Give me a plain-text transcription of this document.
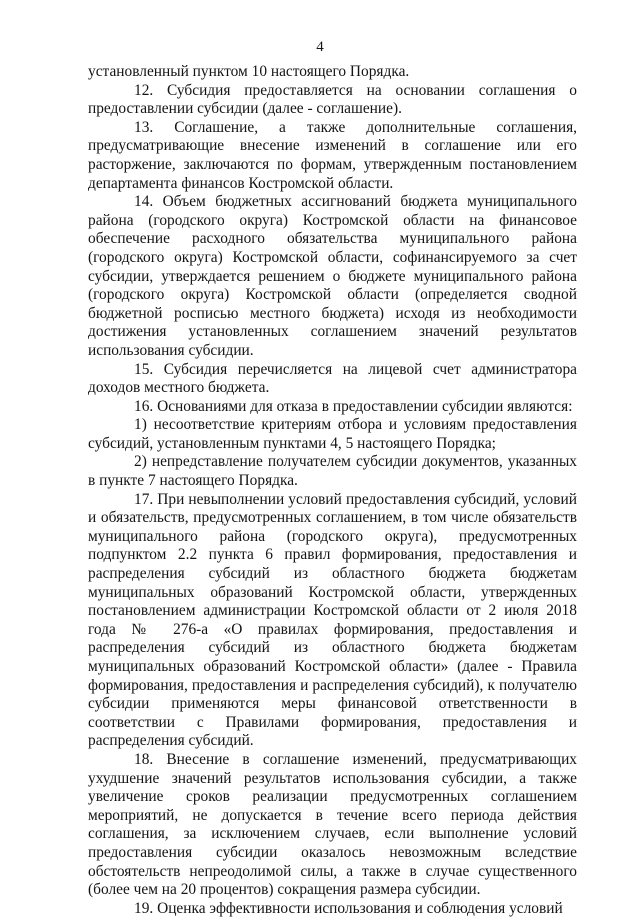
4

установленный пунктом 10 настоящего Порядка.

12. Субсидия предоставляется на основании соглашения о предоставлении субсидии (далее - соглашение).

13. Соглашение, а также дополнительные соглашения, предусматривающие внесение изменений в соглашение или его расторжение, заключаются по формам, утвержденным постановлением департамента финансов Костромской области.

14. Объем бюджетных ассигнований бюджета муниципального района (городского округа) Костромской области на финансовое обеспечение расходного обязательства муниципального района (городского округа) Костромской области, софинансируемого за счет субсидии, утверждается решением о бюджете муниципального района (городского округа) Костромской области (определяется сводной бюджетной росписью местного бюджета) исходя из необходимости достижения установленных соглашением значений результатов использования субсидии.

15. Субсидия перечисляется на лицевой счет администратора доходов местного бюджета.

16. Основаниями для отказа в предоставлении субсидии являются:

1) несоответствие критериям отбора и условиям предоставления субсидий, установленным пунктами 4, 5 настоящего Порядка;

2) непредставление получателем субсидии документов, указанных в пункте 7 настоящего Порядка.

17. При невыполнении условий предоставления субсидий, условий и обязательств, предусмотренных соглашением, в том числе обязательств муниципального района (городского округа), предусмотренных подпунктом 2.2 пункта 6 правил формирования, предоставления и распределения субсидий из областного бюджета бюджетам муниципальных образований Костромской области, утвержденных постановлением администрации Костромской области от 2 июля 2018 года № 276-а «О правилах формирования, предоставления и распределения субсидий из областного бюджета бюджетам муниципальных образований Костромской области» (далее - Правила формирования, предоставления и распределения субсидий), к получателю субсидии применяются меры финансовой ответственности в соответствии с Правилами формирования, предоставления и распределения субсидий.

18. Внесение в соглашение изменений, предусматривающих ухудшение значений результатов использования субсидии, а также увеличение сроков реализации предусмотренных соглашением мероприятий, не допускается в течение всего периода действия соглашения, за исключением случаев, если выполнение условий предоставления субсидии оказалось невозможным вследствие обстоятельств непреодолимой силы, а также в случае существенного (более чем на 20 процентов) сокращения размера субсидии.

19. Оценка эффективности использования и соблюдения условий
